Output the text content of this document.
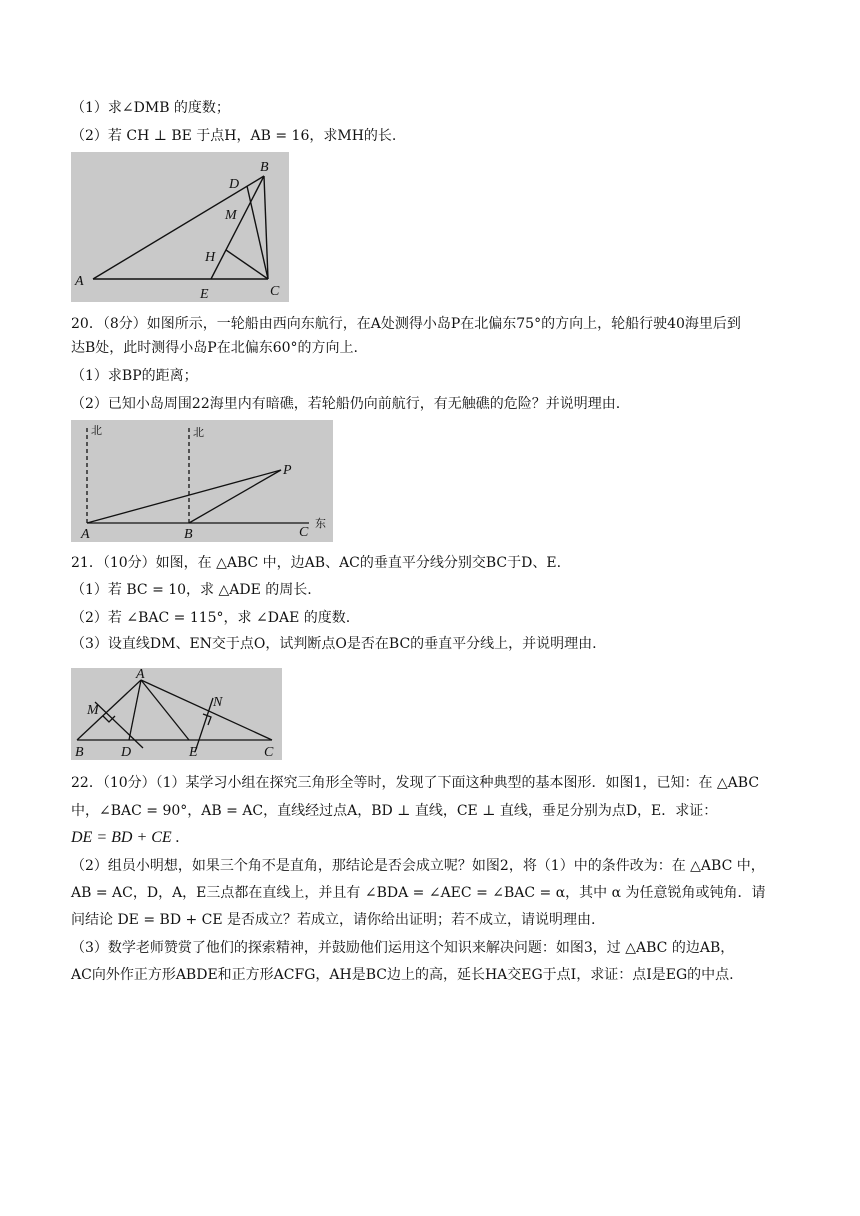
（1）求∠DMB 的度数；
（2）若 CH ⊥ BE 于点H，AB = 16，求MH的长.
A
B
C
D
E
H
M
20．（8分）如图所示，一轮船由西向东航行，在A处测得小岛P在北偏东75°的方向上，轮船行驶40海里后到
达B处，此时测得小岛P在北偏东60°的方向上.
（1）求BP的距离；
（2）已知小岛周围22海里内有暗礁，若轮船仍向前航行，有无触礁的危险？并说明理由.
北	北
P
A	B	C
东
21．（10分）如图，在 △ABC 中，边AB、AC的垂直平分线分别交BC于D、E.
（1）若 BC = 10，求 △ADE 的周长.
（2）若 ∠BAC = 115°，求 ∠DAE 的度数.
（3）设直线DM、EN交于点O，试判断点O是否在BC的垂直平分线上，并说明理由.
A
M
N
B	D	E	C
22．（10分）（1）某学习小组在探究三角形全等时，发现了下面这种典型的基本图形．如图1，已知：在 △ABC
中，∠BAC = 90°，AB = AC，直线经过点A，BD ⊥ 直线，CE ⊥ 直线，垂足分别为点D，E．求证：
DE = BD + CE .
（2）组员小明想，如果三个角不是直角，那结论是否会成立呢？如图2，将（1）中的条件改为：在 △ABC 中，
AB = AC，D，A，E三点都在直线上，并且有 ∠BDA = ∠AEC = ∠BAC = α，其中 α 为任意锐角或钝角．请
问结论 DE = BD + CE 是否成立？若成立，请你给出证明；若不成立，请说明理由.
（3）数学老师赞赏了他们的探索精神，并鼓励他们运用这个知识来解决问题：如图3，过 △ABC 的边AB，
AC向外作正方形ABDE和正方形ACFG，AH是BC边上的高，延长HA交EG于点I，求证：点I是EG的中点.
